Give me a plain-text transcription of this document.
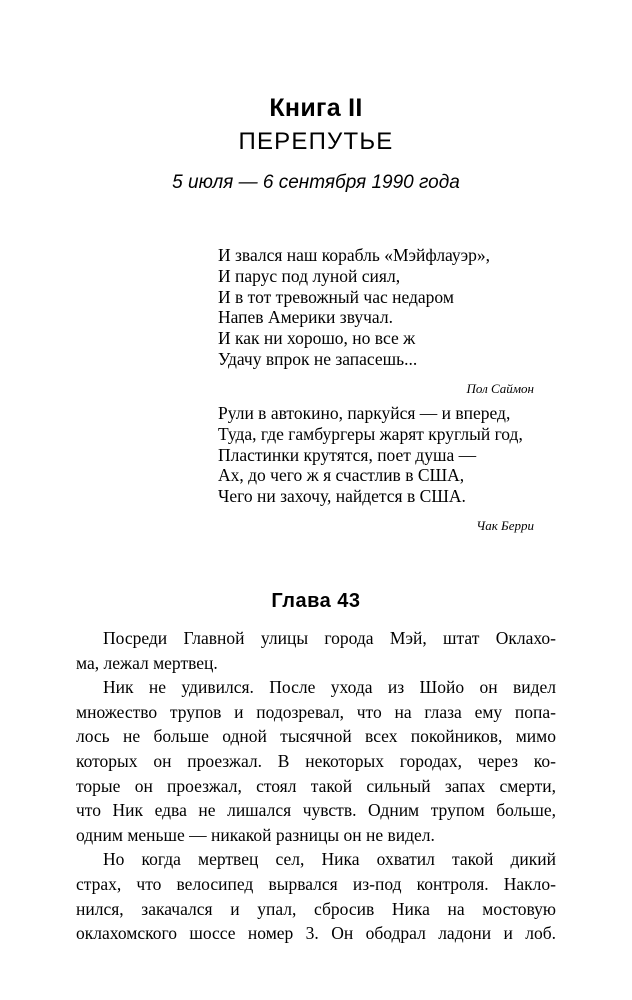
Книга II
ПЕРЕПУТЬЕ
5 июля — 6 сентября 1990 года
И звался наш корабль «Мэйфлауэр»,
И парус под луной сиял,
И в тот тревожный час недаром
Напев Америки звучал.
И как ни хорошо, но все ж
Удачу впрок не запасешь...
Пол Саймон
Рули в автокино, паркуйся — и вперед,
Туда, где гамбургеры жарят круглый год,
Пластинки крутятся, поет душа —
Ах, до чего ж я счастлив в США,
Чего ни захочу, найдется в США.
Чак Берри
Глава 43
Посреди Главной улицы города Мэй, штат Оклахо-
ма, лежал мертвец.
Ник не удивился. После ухода из Шойо он видел
множество трупов и подозревал, что на глаза ему попа-
лось не больше одной тысячной всех покойников, мимо
которых он проезжал. В некоторых городах, через ко-
торые он проезжал, стоял такой сильный запах смерти,
что Ник едва не лишался чувств. Одним трупом больше,
одним меньше — никакой разницы он не видел.
Но когда мертвец сел, Ника охватил такой дикий
страх, что велосипед вырвался из-под контроля. Накло-
нился, закачался и упал, сбросив Ника на мостовую
оклахомского шоссе номер 3. Он ободрал ладони и лоб.
